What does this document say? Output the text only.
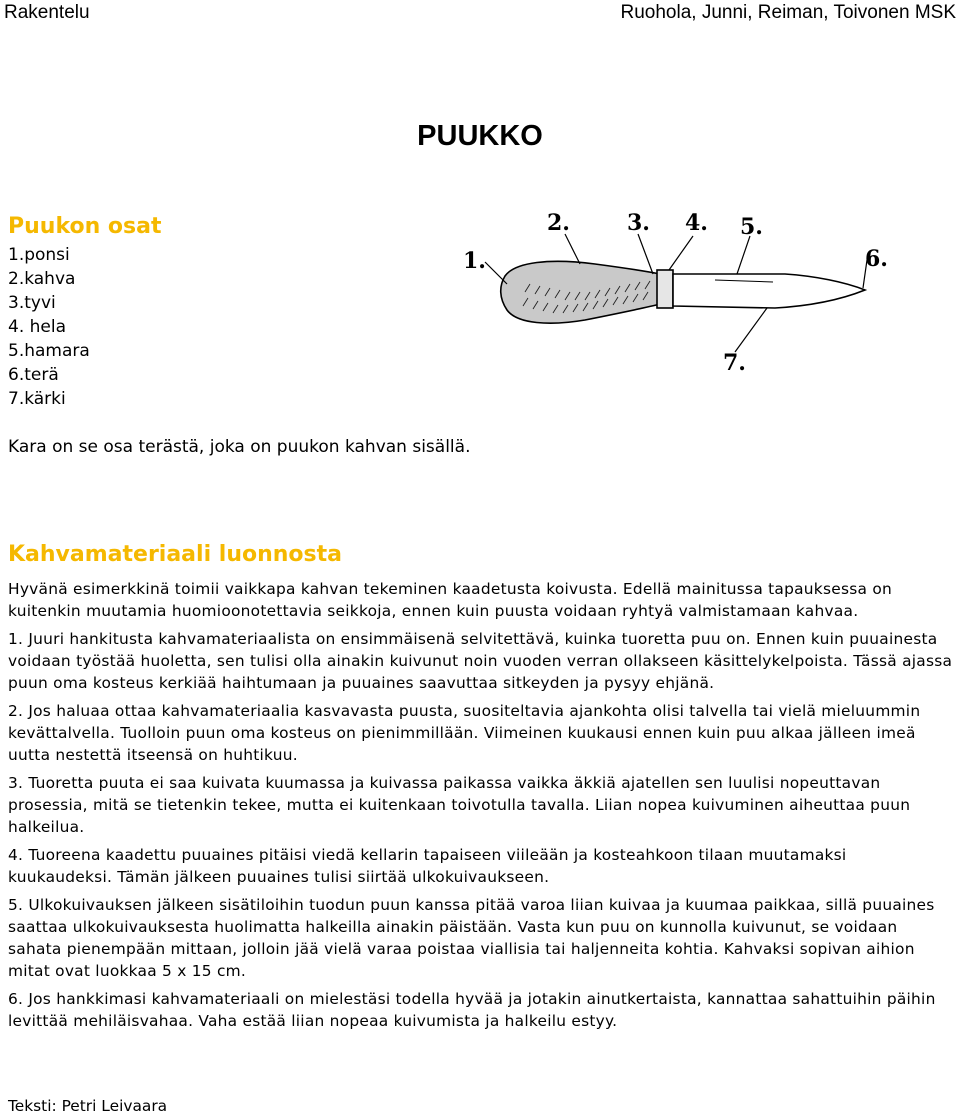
Rakentelu	Ruohola, Junni, Reiman, Toivonen MSK
PUUKKO
Puukon osat
1.ponsi
2.kahva
3.tyvi
4. hela
5.hamara
6.terä
7.kärki
1.
2.	3. 4. 5.
6.
7.
Kara on se osa terästä, joka on puukon kahvan sisällä.
Kahvamateriaali luonnosta

Hyvänä esimerkkinä toimii vaikkapa kahvan tekeminen kaadetusta koivusta. Edellä mainitussa tapauksessa on kuitenkin muutamia huomioonotettavia seikkoja, ennen kuin puusta voidaan ryhtyä valmistamaan kahvaa.

1. Juuri hankitusta kahvamateriaalista on ensimmäisenä selvitettävä, kuinka tuoretta puu on. Ennen kuin puuainesta voidaan työstää huoletta, sen tulisi olla ainakin kuivunut noin vuoden verran ollakseen käsittelykelpoista. Tässä ajassa puun oma kosteus kerkiää haihtumaan ja puuaines saavuttaa sitkeyden ja pysyy ehjänä.

2. Jos haluaa ottaa kahvamateriaalia kasvavasta puusta, suositeltavia ajankohta olisi talvella tai vielä mieluummin kevättalvella. Tuolloin puun oma kosteus on pienimmillään. Viimeinen kuukausi ennen kuin puu alkaa jälleen imeä uutta nestettä itseensä on huhtikuu.

3. Tuoretta puuta ei saa kuivata kuumassa ja kuivassa paikassa vaikka äkkiä ajatellen sen luulisi nopeuttavan prosessia, mitä se tietenkin tekee, mutta ei kuitenkaan toivotulla tavalla. Liian nopea kuivuminen aiheuttaa puun halkeilua.

4. Tuoreena kaadettu puuaines pitäisi viedä kellarin tapaiseen viileään ja kosteahkoon tilaan muutamaksi kuukaudeksi. Tämän jälkeen puuaines tulisi siirtää ulkokuivaukseen.

5. Ulkokuivauksen jälkeen sisätiloihin tuodun puun kanssa pitää varoa liian kuivaa ja kuumaa paikkaa, sillä puuaines saattaa ulkokuivauksesta huolimatta halkeilla ainakin päistään. Vasta kun puu on kunnolla kuivunut, se voidaan sahata pienempään mittaan, jolloin jää vielä varaa poistaa viallisia tai haljenneita kohtia. Kahvaksi sopivan aihion mitat ovat luokkaa 5 x 15 cm.

6. Jos hankkimasi kahvamateriaali on mielestäsi todella hyvää ja jotakin ainutkertaista, kannattaa sahattuihin päihin levittää mehiläisvahaa. Vaha estää liian nopeaa kuivumista ja halkeilu estyy.

Teksti: Petri Leivaara
